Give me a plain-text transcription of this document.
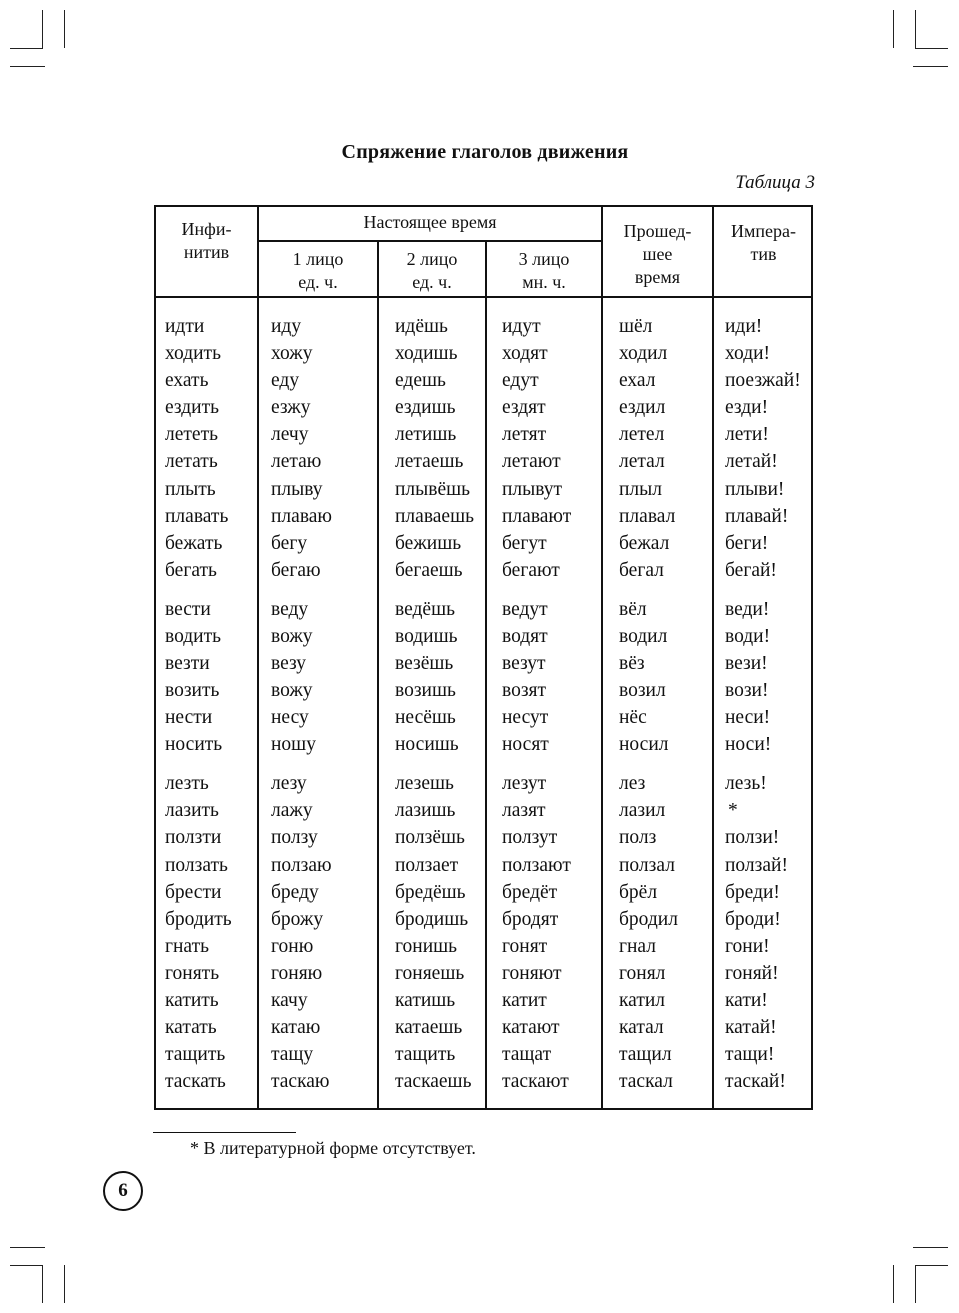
Спряжение глаголов движения
Таблица 3
Инфи-
нитив
Настоящее время
1 лицо
ед. ч.
2 лицо
ед. ч.
3 лицо
мн. ч.
Прошед-
шее
время
Импера-
тив
идти
ходить
ехать
ездить
лететь
летать
плыть
плавать
бежать
бегать
вести
водить
везти
возить
нести
носить
лезть
лазить
ползти
ползать
брести
бродить
гнать
гонять
катить
катать
тащить
таскать
иду
хожу
еду
езжу
лечу
летаю
плыву
плаваю
бегу
бегаю
веду
вожу
везу
вожу
несу
ношу
лезу
лажу
ползу
ползаю
бреду
брожу
гоню
гоняю
качу
катаю
тащу
таскаю
идёшь
ходишь
едешь
ездишь
летишь
летаешь
плывёшь
плаваешь
бежишь
бегаешь
ведёшь
водишь
везёшь
возишь
несёшь
носишь
лезешь
лазишь
ползёшь
ползает
бредёшь
бродишь
гонишь
гоняешь
катишь
катаешь
тащить
таскаешь
идут
ходят
едут
ездят
летят
летают
плывут
плавают
бегут
бегают
ведут
водят
везут
возят
несут
носят
лезут
лазят
ползут
ползают
бредёт
бродят
гонят
гоняют
катит
катают
тащат
таскают
шёл
ходил
ехал
ездил
летел
летал
плыл
плавал
бежал
бегал
вёл
водил
вёз
возил
нёс
носил
лез
лазил
полз
ползал
брёл
бродил
гнал
гонял
катил
катал
тащил
таскал
иди!
ходи!
поезжай!
езди!
лети!
летай!
плыви!
плавай!
беги!
бегай!
веди!
води!
вези!
вози!
неси!
носи!
лезь!
*
ползи!
ползай!
бреди!
броди!
гони!
гоняй!
кати!
катай!
тащи!
таскай!
* В литературной форме отсутствует.
6
